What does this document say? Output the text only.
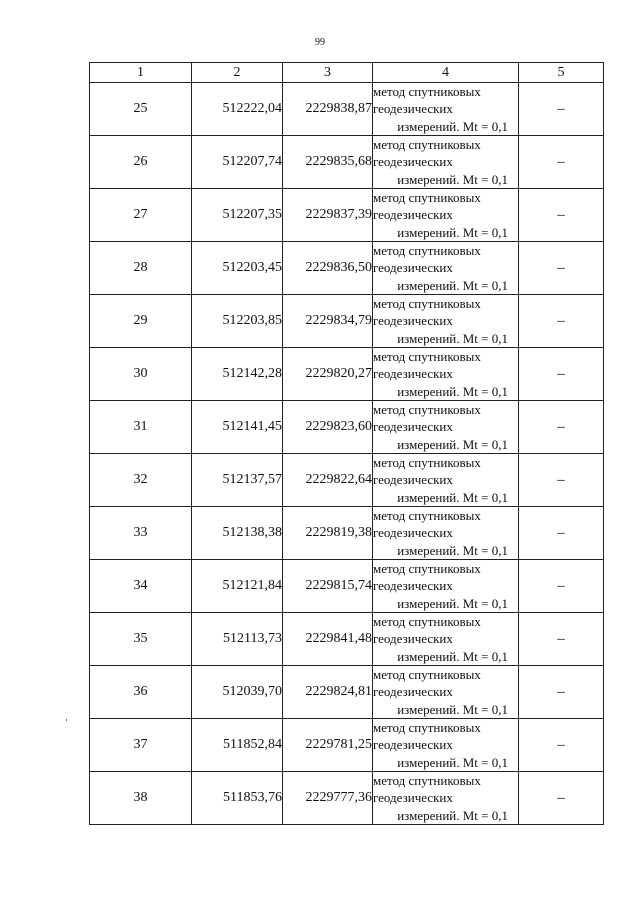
99
1	2	3	4	5
25	512222,04	2229838,87	метод спутниковых
геодезических
измерений. Mt = 0,1	–
26	512207,74	2229835,68	метод спутниковых
геодезических
измерений. Mt = 0,1	–
27	512207,35	2229837,39	метод спутниковых
геодезических
измерений. Mt = 0,1	–
28	512203,45	2229836,50	метод спутниковых
геодезических
измерений. Mt = 0,1	–
29	512203,85	2229834,79	метод спутниковых
геодезических
измерений. Mt = 0,1	–
30	512142,28	2229820,27	метод спутниковых
геодезических
измерений. Mt = 0,1	–
31	512141,45	2229823,60	метод спутниковых
геодезических
измерений. Mt = 0,1	–
32	512137,57	2229822,64	метод спутниковых
геодезических
измерений. Mt = 0,1	–
33	512138,38	2229819,38	метод спутниковых
геодезических
измерений. Mt = 0,1	–
34	512121,84	2229815,74	метод спутниковых
геодезических
измерений. Mt = 0,1	–
35	512113,73	2229841,48	метод спутниковых
геодезических
измерений. Mt = 0,1	–
36	512039,70	2229824,81	метод спутниковых
геодезических
измерений. Mt = 0,1	–
37	511852,84	2229781,25	метод спутниковых
геодезических
измерений. Mt = 0,1	–
38	511853,76	2229777,36	метод спутниковых
геодезических
измерений. Mt = 0,1	–
